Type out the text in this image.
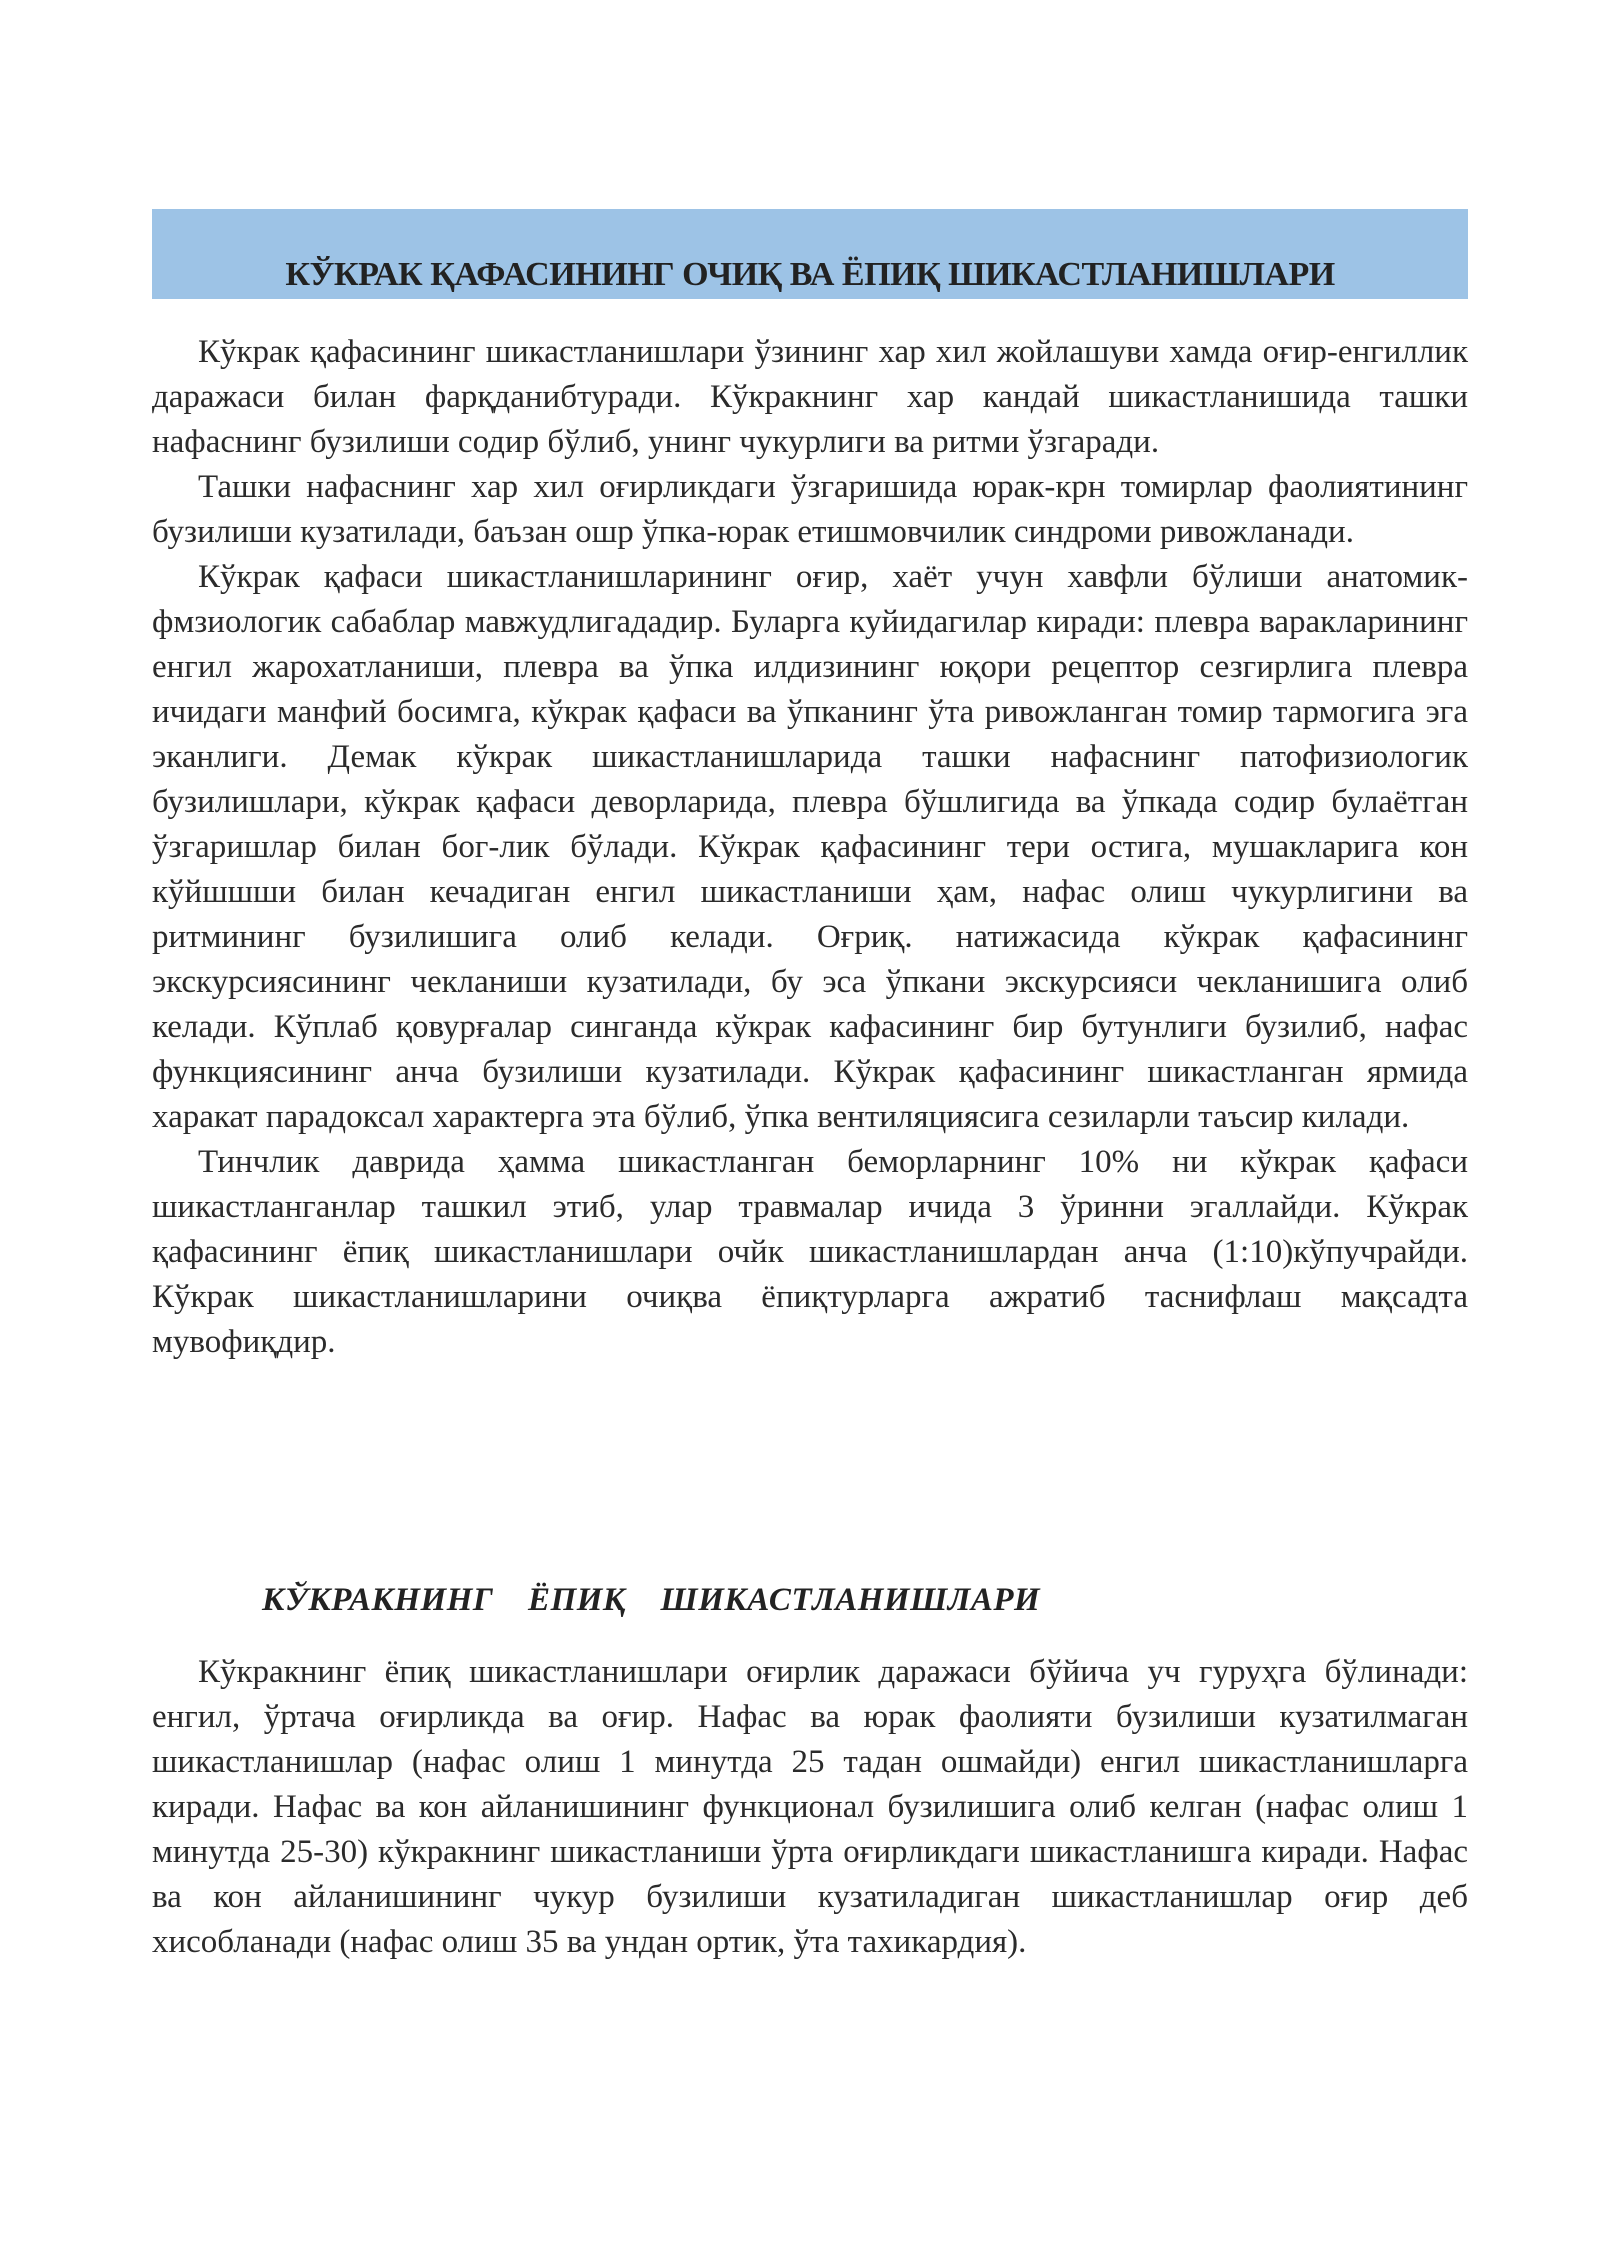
КЎКРАК ҚАФАСИНИНГ ОЧИҚ ВА ЁПИҚ ШИКАСТЛАНИШЛАРИ

Кўкрак қафасининг шикастланишлари ўзининг хар хил жойлашуви хамда оғир-енгиллик даражаси билан фарқданибтуради. Кўкракнинг хар кандай шикастланишида ташки нафаснинг бузилиши содир бўлиб, унинг чукурлиги ва ритми ўзгаради.

Ташки нафаснинг хар хил оғирликдаги ўзгаришида юрак-крн томирлар фаолиятининг бузилиши кузатилади, баъзан ошр ўпка-юрак етишмовчилик синдроми ривожланади.

Кўкрак қафаси шикастланишларининг оғир, хаёт учун хавфли бўлиши анатомик-фмзиологик сабаблар мавжудлигададир. Буларга куйидагилар киради: плевра варакларининг енгил жарохатланиши, плевра ва ўпка илдизининг юқори рецептор сезгирлига плевра ичидаги манфий босимга, кўкрак қафаси ва ўпканинг ўта ривожланган томир тармогига эга эканлиги. Демак кўкрак шикастланишларида ташки нафаснинг патофизиологик бузилишлари, кўкрак қафаси деворларида, плевра бўшлигида ва ўпкада содир булаётган ўзгаришлар билан бог-лик бўлади. Кўкрак қафасининг тери остига, мушакларига кон кўйшшши билан кечадиган енгил шикастланиши ҳам, нафас олиш чукурлигини ва ритмининг бузилишига олиб келади. Оғриқ. натижасида кўкрак қафасининг экскурсиясининг чекланиши кузатилади, бу эса ўпкани экскурсияси чекланишига олиб келади. Кўплаб қовурғалар синганда кўкрак кафасининг бир бутунлиги бузилиб, нафас функциясининг анча бузилиши кузатилади. Кўкрак қафасининг шикастланган ярмида харакат парадоксал характерга эта бўлиб, ўпка вентиляциясига сезиларли таъсир килади.

Тинчлик даврида ҳамма шикастланган беморларнинг 10% ни кўкрак қафаси шикастланганлар ташкил этиб, улар травмалар ичида 3 ўринни эгаллайди. Кўкрак қафасининг ёпиқ шикастланишлари очйк шикастланишлардан анча (1:10)кўпучрайди. Кўкрак шикастланишларини очиқва ёпиқтурларга ажратиб таснифлаш мақсадта мувофиқдир.

КЎКРАКНИНГ ЁПИҚ ШИКАСТЛАНИШЛАРИ

Кўкракнинг ёпиқ шикастланишлари оғирлик даражаси бўйича уч гуруҳга бўлинади: енгил, ўртача оғирликда ва оғир. Нафас ва юрак фаолияти бузилиши кузатилмаган шикастланишлар (нафас олиш 1 минутда 25 тадан ошмайди) енгил шикастланишларга киради. Нафас ва кон айланишининг функционал бузилишига олиб келган (нафас олиш 1 минутда 25-30) кўкракнинг шикастланиши ўрта оғирликдаги шикастланишга киради. Нафас ва кон айланишининг чукур бузилиши кузатиладиган шикастланишлар оғир деб хисобланади (нафас олиш 35 ва ундан ортик, ўта тахикардия).
